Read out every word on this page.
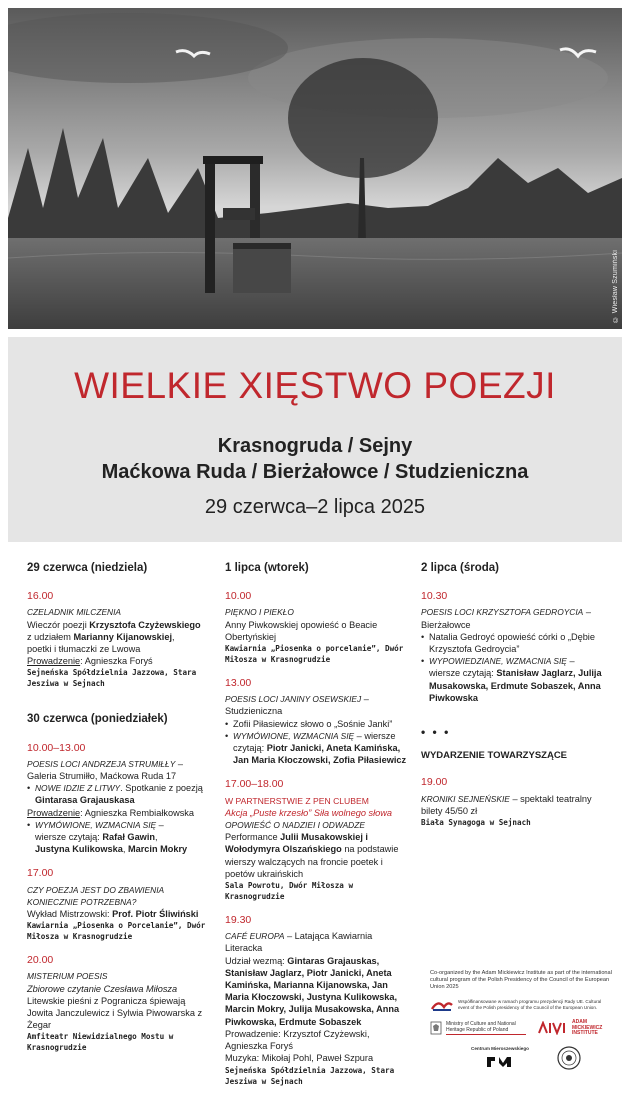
© Wiesław Szumiński
WIELKIE XIĘSTWO POEZJI
Krasnogruda / Sejny
Maćkowa Ruda / Bierżałowce / Studzieniczna
29 czerwca–2 lipca 2025
29 czerwca (niedziela)
16.00
CZELADNIK MILCZENIA
Wieczór poezji Krzysztofa Czyżewskiego
z udziałem Marianny Kijanowskiej,
poetki i tłumaczki ze Lwowa
Prowadzenie: Agnieszka Foryś
Sejneńska Spółdzielnia Jazzowa, Stara Jesziwa w Sejnach
30 czerwca (poniedziałek)
10.00–13.00
POESIS LOCI ANDRZEJA STRUMIŁŁY –
Galeria Strumiłło, Maćkowa Ruda 17
• NOWE IDZIE Z LITWY. Spotkanie z poezją
Gintarasa Grajauskasa
Prowadzenie: Agnieszka Rembiałkowska
• WYMÓWIONE, WZMACNIA SIĘ –
wiersze czytają: Rafał Gawin,
Justyna Kulikowska, Marcin Mokry
17.00
CZY POEZJA JEST DO ZBAWIENIA KONIECZNIE POTRZEBNA?
Wykład Mistrzowski: Prof. Piotr Śliwiński
Kawiarnia „Piosenka o Porcelanie”, Dwór Miłosza w Krasnogrudzie
20.00
MISTERIUM POESIS
Zbiorowe czytanie Czesława Miłosza
Litewskie pieśni z Pogranicza śpiewają Jowita Janczulewicz i Sylwia Piwowarska z Żegar
Amfiteatr Niewidzialnego Mostu w Krasnogrudzie
1 lipca (wtorek)
10.00
PIĘKNO I PIEKŁO
Anny Piwkowskiej opowieść o Beacie Obertyńskiej
Kawiarnia „Piosenka o porcelanie”, Dwór Miłosza w Krasnogrudzie
13.00
POESIS LOCI JANINY OSEWSKIEJ –
Studzieniczna
• Zofii Piłasiewicz słowo o „Sośnie Janki”
• WYMÓWIONE, WZMACNIA SIĘ – wiersze czytają: Piotr Janicki, Aneta Kamińska, Jan Maria Kłoczowski, Zofia Piłasiewicz
17.00–18.00
W PARTNERSTWIE Z PEN CLUBEM
Akcja „Puste krzesło” Siła wolnego słowa
OPOWIEŚĆ O NADZIEI I ODWADZE
Performance Julii Musakowskiej i Wołodymyra Olszańskiego na podstawie wierszy walczących na froncie poetek i poetów ukraińskich
Sala Powrotu, Dwór Miłosza w Krasnogrudzie
19.30
CAFÉ EUROPA – Latająca Kawiarnia Literacka
Udział wezmą: Gintaras Grajauskas, Stanisław Jaglarz, Piotr Janicki, Aneta Kamińska, Marianna Kijanowska, Jan Maria Kłoczowski, Justyna Kulikowska, Marcin Mokry, Julija Musakowska, Anna Piwkowska, Erdmute Sobaszek
Prowadzenie: Krzysztof Czyżewski, Agnieszka Foryś
Muzyka: Mikołaj Pohl, Paweł Szpura
Sejneńska Spółdzielnia Jazzowa, Stara Jesziwa w Sejnach
2 lipca (środa)
10.30
POESIS LOCI KRZYSZTOFA GEDROYCIA –
Bierżałowce
• Natalia Gedroyć opowieść córki o „Dębie Krzysztofa Gedroycia”
• WYPOWIEDZIANE, WZMACNIA SIĘ – wiersze czytają: Stanisław Jaglarz, Julija Musakowska, Erdmute Sobaszek, Anna Piwkowska
• • •
WYDARZENIE TOWARZYSZĄCE
19.00
KRONIKI SEJNEŃSKIE – spektakl teatralny
bilety 45/50 zł
Biała Synagoga w Sejnach
Co-organized by the Adam Mickiewicz Institute as part of the international cultural program of the Polish Presidency of the Council of the European Union 2025
Współfinansowane w ramach programu prezydencji Rady UE. Cultural event of the Polish presidency of the Council of the European Union.
Ministry of Culture and National Heritage Republic of Poland
ADAM MICKIEWICZ INSTITUTE
Centrum Mieroszewskiego
